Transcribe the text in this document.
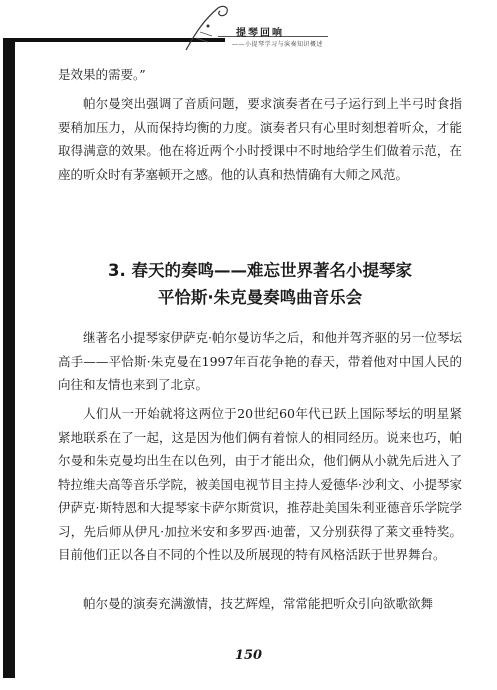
提琴回响
——小提琴学习与演奏知识概述

是效果的需要。”

帕尔曼突出强调了音质问题，要求演奏者在弓子运行到上半弓时食指要稍加压力，从而保持均衡的力度。演奏者只有心里时刻想着听众，才能取得满意的效果。他在将近两个小时授课中不时地给学生们做着示范，在座的听众时有茅塞顿开之感。他的认真和热情确有大师之风范。

3. 春天的奏鸣——难忘世界著名小提琴家
平恰斯·朱克曼奏鸣曲音乐会

继著名小提琴家伊萨克·帕尔曼访华之后，和他并驾齐驱的另一位琴坛高手——平恰斯·朱克曼在1997年百花争艳的春天，带着他对中国人民的向往和友情也来到了北京。

人们从一开始就将这两位于20世纪60年代已跃上国际琴坛的明星紧紧地联系在了一起，这是因为他们俩有着惊人的相同经历。说来也巧，帕尔曼和朱克曼均出生在以色列，由于才能出众，他们俩从小就先后进入了特拉维夫高等音乐学院，被美国电视节目主持人爱德华·沙利文、小提琴家伊萨克·斯特恩和大提琴家卡萨尔斯赏识，推荐赴美国朱利亚德音乐学院学习，先后师从伊凡·加拉米安和多罗西·迪蕾，又分别获得了莱文垂特奖。目前他们正以各自不同的个性以及所展现的特有风格活跃于世界舞台。

帕尔曼的演奏充满激情，技艺辉煌，常常能把听众引向欲歌欲舞

150
